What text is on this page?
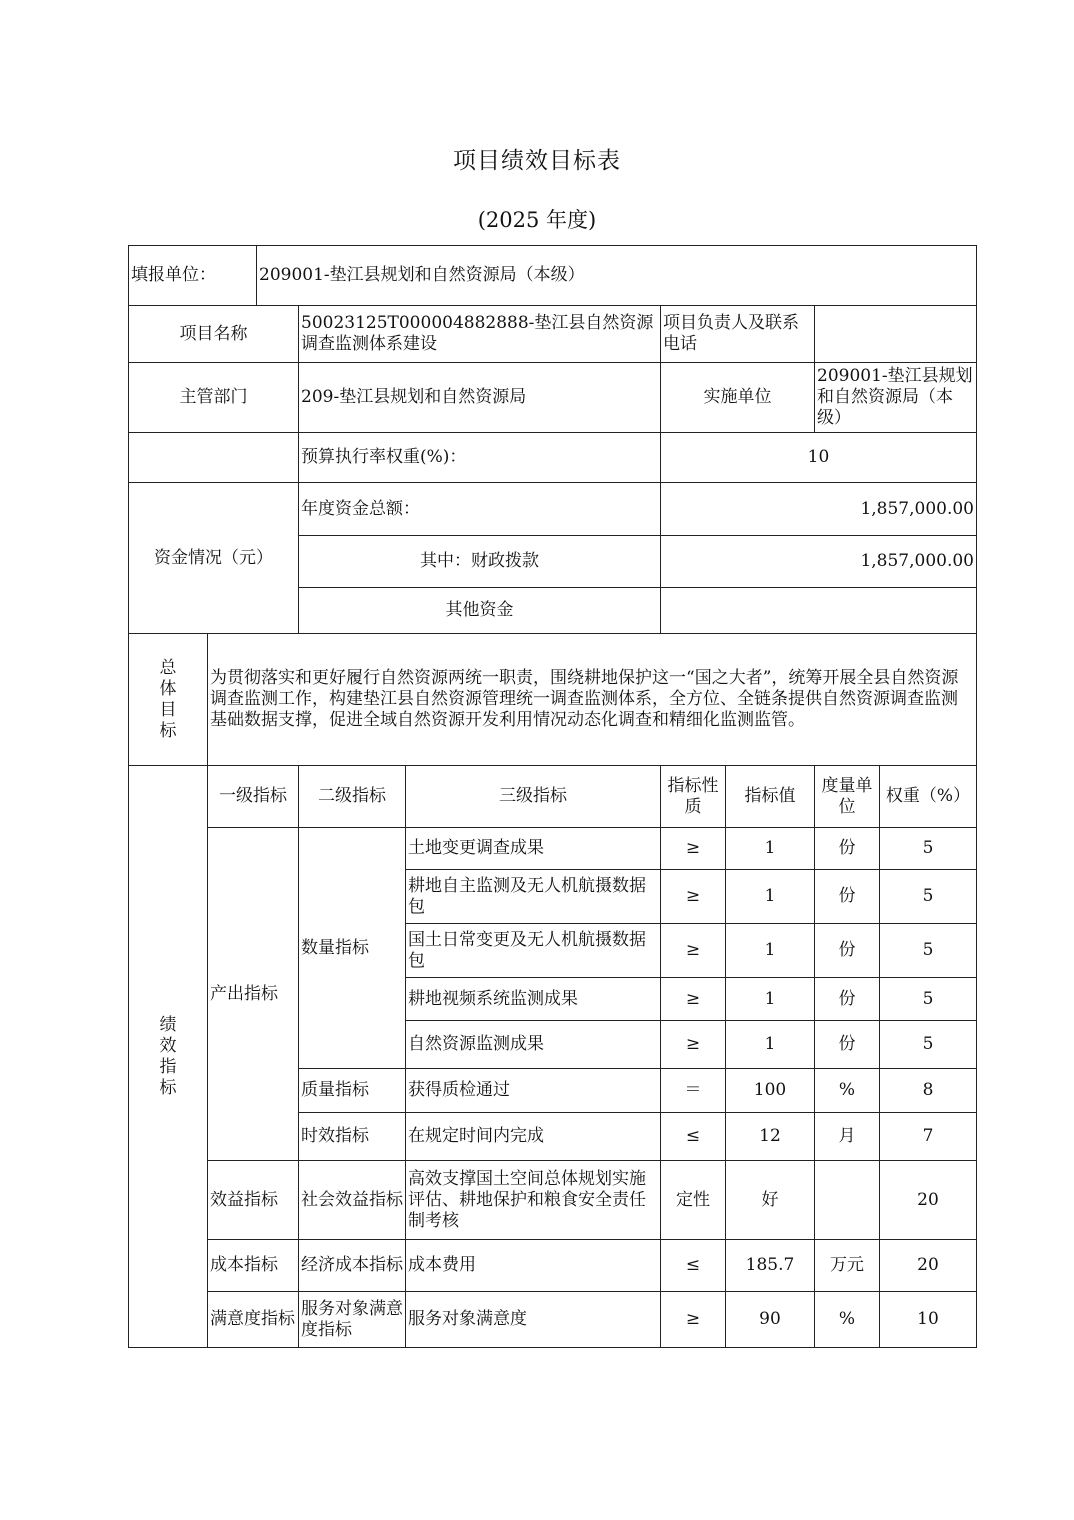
项目绩效目标表
(2025 年度)
填报单位：		209001-垫江县规划和自然资源局（本级）						
项目名称			50023125T000004882888-垫江县自然资源调查监测体系建设		项目负责人及联系电话			
主管部门			209-垫江县规划和自然资源局		实施单位		209001-垫江县规划和自然资源局（本级）	
			预算执行率权重(%)：		10			
资金情况（元）			年度资金总额：		1,857,000.00			
			其中：财政拨款		1,857,000.00			
			其他资金					

总体目标	为贯彻落实和更好履行自然资源两统一职责，围绕耕地保护这一“国之大者”，统筹开展全县自然资源调查监测工作，构建垫江县自然资源管理统一调查监测体系，全方位、全链条提供自然资源调查监测基础数据支撑，促进全域自然资源开发利用情况动态化调查和精细化监测监管。							

绩效指标	一级指标		二级指标	三级指标	指标性质	指标值	度量单位	权重（%）
	产出指标		数量指标	土地变更调查成果	≥	1	份	5
				耕地自主监测及无人机航摄数据包	≥	1	份	5
				国土日常变更及无人机航摄数据包	≥	1	份	5
				耕地视频系统监测成果	≥	1	份	5
				自然资源监测成果	≥	1	份	5
			质量指标	获得质检通过	＝	100	%	8
			时效指标	在规定时间内完成	≤	12	月	7
	效益指标		社会效益指标	高效支撑国土空间总体规划实施评估、耕地保护和粮食安全责任制考核	定性	好		20
	成本指标		经济成本指标	成本费用	≤	185.7	万元	20
	满意度指标		服务对象满意度指标	服务对象满意度	≥	90	%	10
